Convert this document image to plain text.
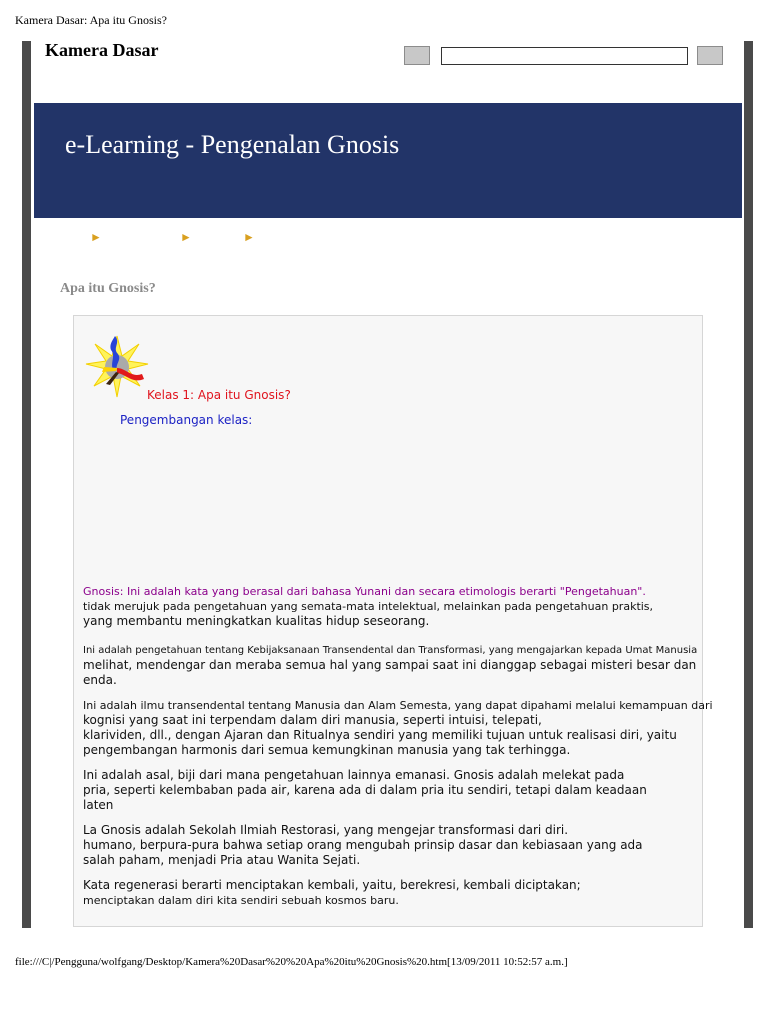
Kamera Dasar: Apa itu Gnosis?
Kamera Dasar
e-Learning - Pengenalan Gnosis
►	►	►
Apa itu Gnosis?
Kelas 1: Apa itu Gnosis?
Pengembangan kelas:
Gnosis: Ini adalah kata yang berasal dari bahasa Yunani dan secara etimologis berarti "Pengetahuan".
tidak merujuk pada pengetahuan yang semata-mata intelektual, melainkan pada pengetahuan praktis,
yang membantu meningkatkan kualitas hidup seseorang.
Ini adalah pengetahuan tentang Kebijaksanaan Transendental dan Transformasi, yang mengajarkan kepada Umat Manusia
melihat, mendengar dan meraba semua hal yang sampai saat ini dianggap sebagai misteri besar dan
enda.
Ini adalah ilmu transendental tentang Manusia dan Alam Semesta, yang dapat dipahami melalui kemampuan dari
kognisi yang saat ini terpendam dalam diri manusia, seperti intuisi, telepati,
klarividen, dll., dengan Ajaran dan Ritualnya sendiri yang memiliki tujuan untuk realisasi diri, yaitu
pengembangan harmonis dari semua kemungkinan manusia yang tak terhingga.
Ini adalah asal, biji dari mana pengetahuan lainnya emanasi. Gnosis adalah melekat pada
pria, seperti kelembaban pada air, karena ada di dalam pria itu sendiri, tetapi dalam keadaan
laten
La Gnosis adalah Sekolah Ilmiah Restorasi, yang mengejar transformasi dari diri.
humano, berpura-pura bahwa setiap orang mengubah prinsip dasar dan kebiasaan yang ada
salah paham, menjadi Pria atau Wanita Sejati.
Kata regenerasi berarti menciptakan kembali, yaitu, berekresi, kembali diciptakan;
menciptakan dalam diri kita sendiri sebuah kosmos baru.
file:///C|/Pengguna/wolfgang/Desktop/Kamera%20Dasar%20%20Apa%20itu%20Gnosis%20.htm[13/09/2011 10:52:57 a.m.]
